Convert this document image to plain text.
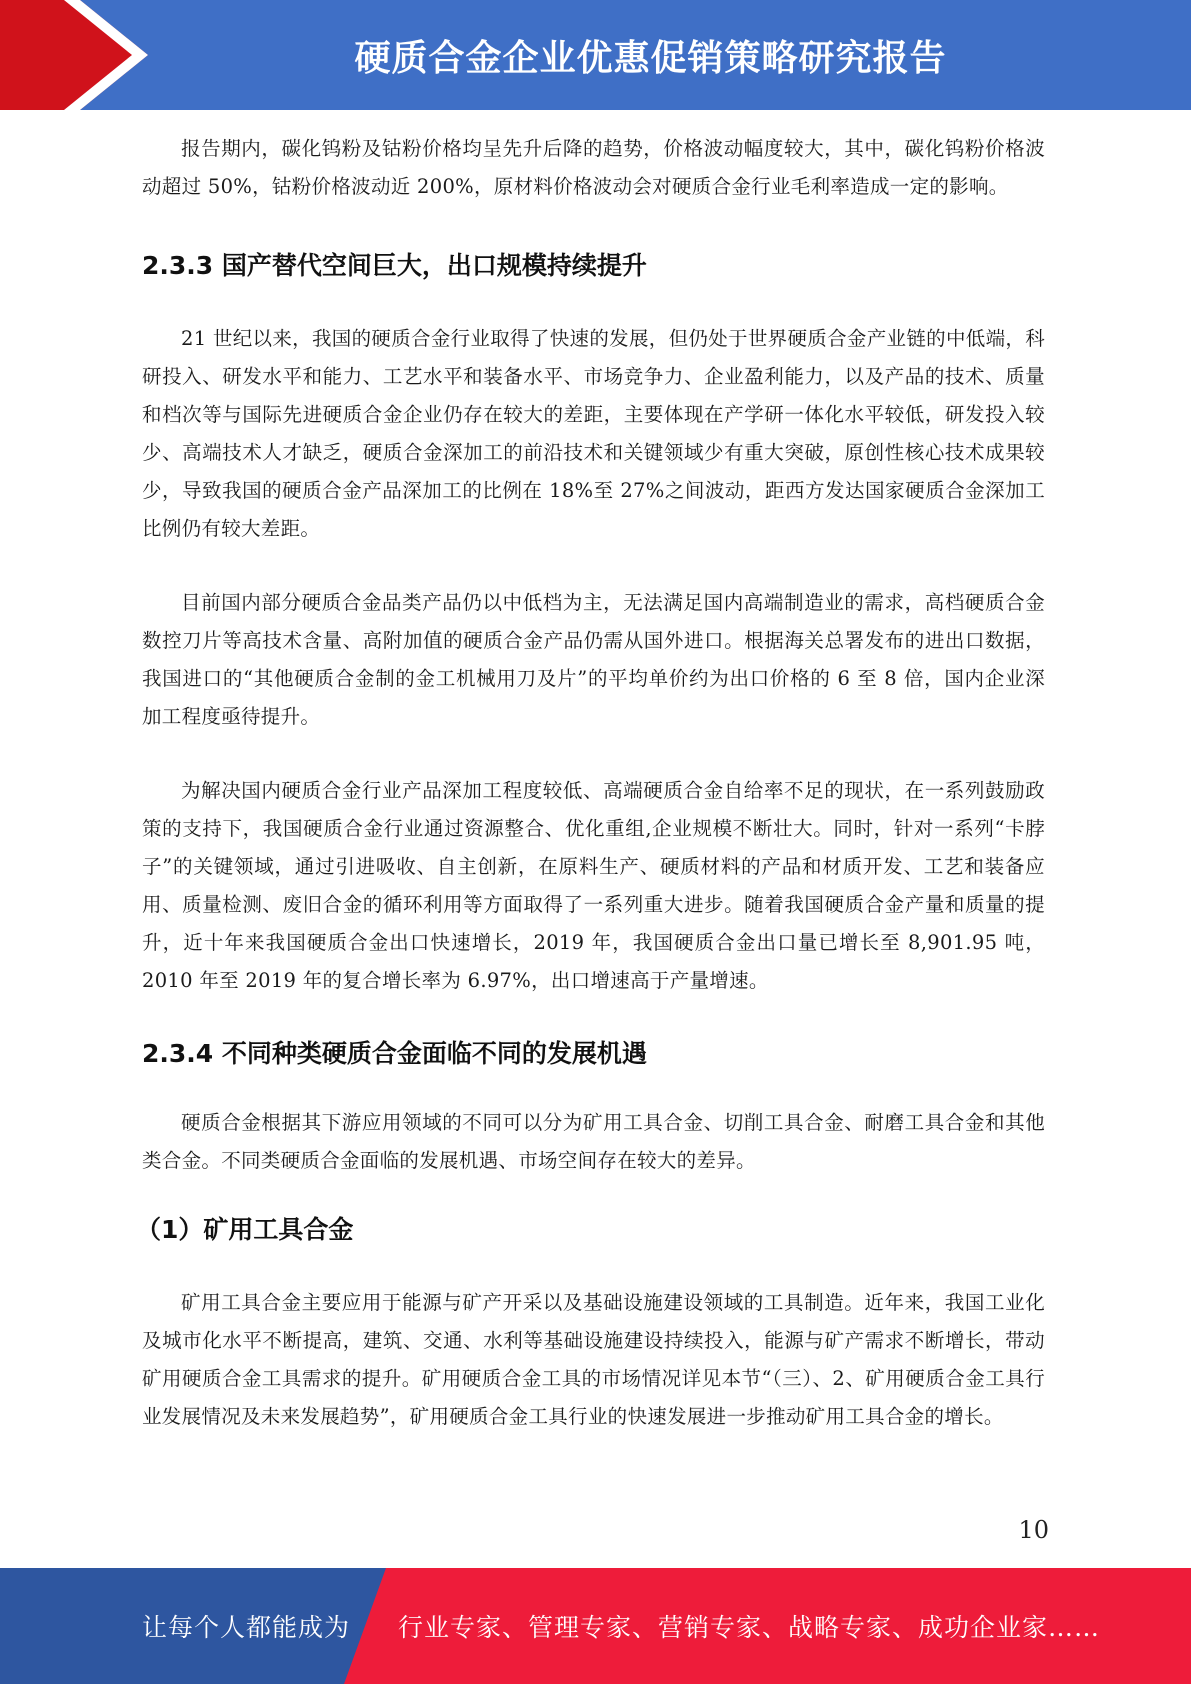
硬质合金企业优惠促销策略研究报告

报告期内，碳化钨粉及钴粉价格均呈先升后降的趋势，价格波动幅度较大，其中，碳化钨粉价格波动超过 50%，钴粉价格波动近 200%，原材料价格波动会对硬质合金行业毛利率造成一定的影响。

2.3.3 国产替代空间巨大，出口规模持续提升

21 世纪以来，我国的硬质合金行业取得了快速的发展，但仍处于世界硬质合金产业链的中低端，科研投入、研发水平和能力、工艺水平和装备水平、市场竞争力、企业盈利能力，以及产品的技术、质量和档次等与国际先进硬质合金企业仍存在较大的差距，主要体现在产学研一体化水平较低，研发投入较少、高端技术人才缺乏，硬质合金深加工的前沿技术和关键领域少有重大突破，原创性核心技术成果较少，导致我国的硬质合金产品深加工的比例在 18%至 27%之间波动，距西方发达国家硬质合金深加工比例仍有较大差距。

目前国内部分硬质合金品类产品仍以中低档为主，无法满足国内高端制造业的需求，高档硬质合金数控刀片等高技术含量、高附加值的硬质合金产品仍需从国外进口。根据海关总署发布的进出口数据，我国进口的“其他硬质合金制的金工机械用刀及片”的平均单价约为出口价格的 6 至 8 倍，国内企业深加工程度亟待提升。

为解决国内硬质合金行业产品深加工程度较低、高端硬质合金自给率不足的现状，在一系列鼓励政策的支持下，我国硬质合金行业通过资源整合、优化重组,企业规模不断壮大。同时，针对一系列“卡脖子”的关键领域，通过引进吸收、自主创新，在原料生产、硬质材料的产品和材质开发、工艺和装备应用、质量检测、废旧合金的循环利用等方面取得了一系列重大进步。随着我国硬质合金产量和质量的提升，近十年来我国硬质合金出口快速增长，2019 年，我国硬质合金出口量已增长至 8,901.95 吨，2010 年至 2019 年的复合增长率为 6.97%，出口增速高于产量增速。

2.3.4 不同种类硬质合金面临不同的发展机遇

硬质合金根据其下游应用领域的不同可以分为矿用工具合金、切削工具合金、耐磨工具合金和其他类合金。不同类硬质合金面临的发展机遇、市场空间存在较大的差异。

（1）矿用工具合金

矿用工具合金主要应用于能源与矿产开采以及基础设施建设领域的工具制造。近年来，我国工业化及城市化水平不断提高，建筑、交通、水利等基础设施建设持续投入，能源与矿产需求不断增长，带动矿用硬质合金工具需求的提升。矿用硬质合金工具的市场情况详见本节“（三）、2、矿用硬质合金工具行业发展情况及未来发展趋势”，矿用硬质合金工具行业的快速发展进一步推动矿用工具合金的增长。

10
让每个人都能成为 行业专家、管理专家、营销专家、战略专家、成功企业家……
